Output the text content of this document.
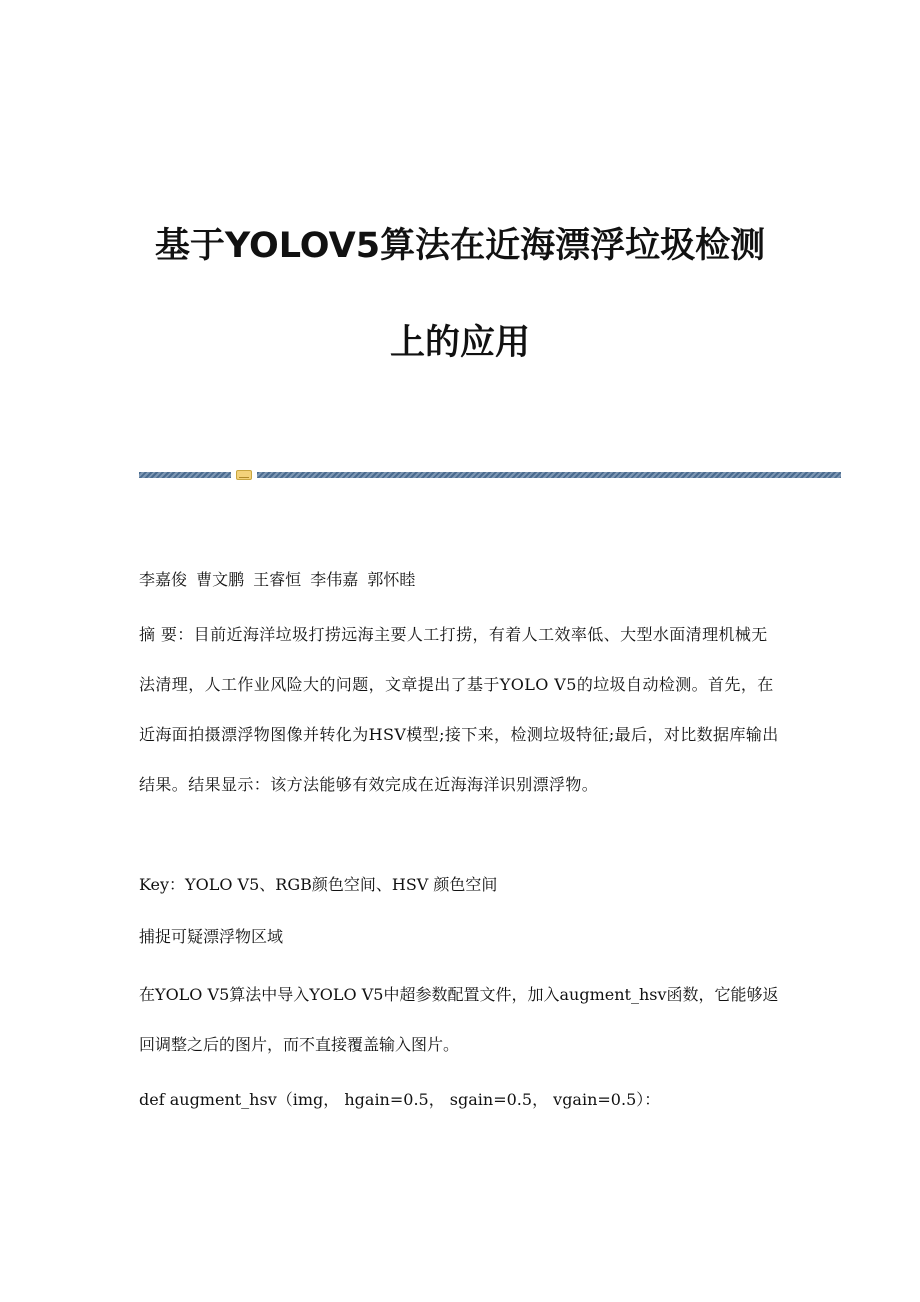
基于YOLOV5算法在近海漂浮垃圾检测
上的应用

李嘉俊 曹文鹏 王睿恒 李伟嘉 郭怀睦

摘 要：目前近海洋垃圾打捞远海主要人工打捞，有着人工效率低、大型水面清理机械无法清理，人工作业风险大的问题，文章提出了基于YOLO V5的垃圾自动检测。首先，在近海面拍摄漂浮物图像并转化为HSV模型;接下来，检测垃圾特征;最后，对比数据库输出结果。结果显示：该方法能够有效完成在近海海洋识别漂浮物。

Key：YOLO V5、RGB颜色空间、HSV 颜色空间

捕捉可疑漂浮物区域

在YOLO V5算法中导入YOLO V5中超参数配置文件，加入augment_hsv函数，它能够返回调整之后的图片，而不直接覆盖输入图片。

def augment_hsv（img， hgain=0.5， sgain=0.5， vgain=0.5）：
